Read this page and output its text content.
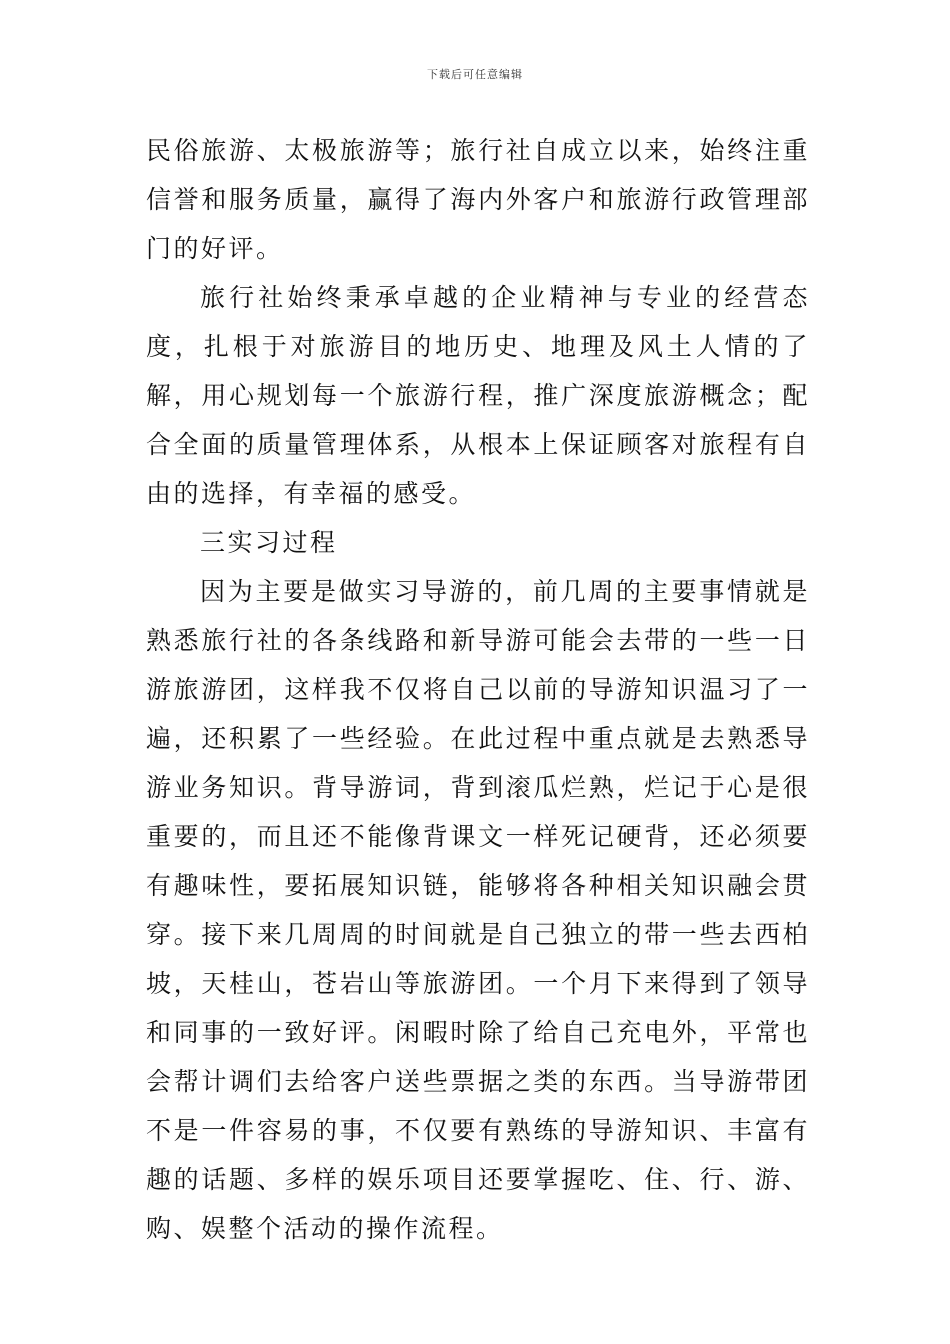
下载后可任意编辑

民俗旅游、太极旅游等；旅行社自成立以来，始终注重信誉和服务质量，赢得了海内外客户和旅游行政管理部门的好评。

旅行社始终秉承卓越的企业精神与专业的经营态度，扎根于对旅游目的地历史、地理及风土人情的了解，用心规划每一个旅游行程，推广深度旅游概念；配合全面的质量管理体系，从根本上保证顾客对旅程有自由的选择，有幸福的感受。

三实习过程

因为主要是做实习导游的，前几周的主要事情就是熟悉旅行社的各条线路和新导游可能会去带的一些一日游旅游团，这样我不仅将自己以前的导游知识温习了一遍，还积累了一些经验。在此过程中重点就是去熟悉导游业务知识。背导游词，背到滚瓜烂熟，烂记于心是很重要的，而且还不能像背课文一样死记硬背，还必须要有趣味性，要拓展知识链，能够将各种相关知识融会贯穿。接下来几周周的时间就是自己独立的带一些去西柏坡，天桂山，苍岩山等旅游团。一个月下来得到了领导和同事的一致好评。闲暇时除了给自己充电外，平常也会帮计调们去给客户送些票据之类的东西。当导游带团不是一件容易的事，不仅要有熟练的导游知识、丰富有趣的话题、多样的娱乐项目还要掌握吃、住、行、游、购、娱整个活动的操作流程。
